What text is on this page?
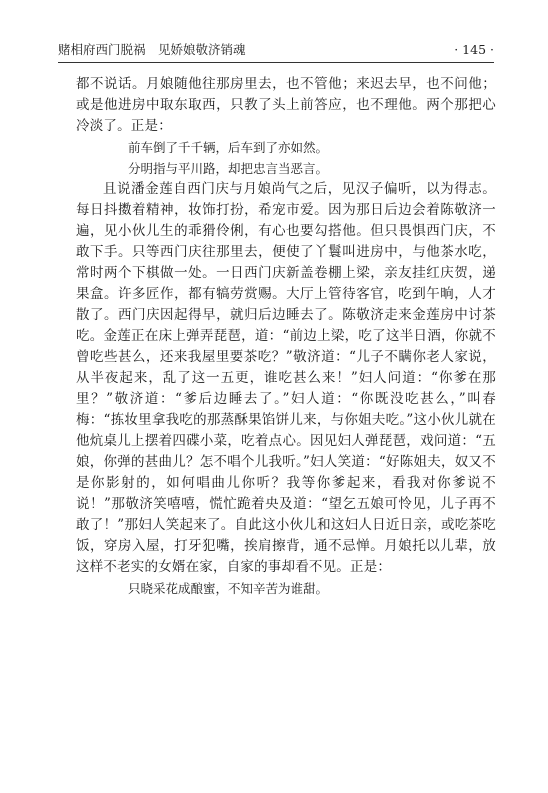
赌相府西门脱祸　见娇娘敬济销魂	· 145 ·

都不说话。月娘随他往那房里去，也不管他；来迟去早，也不问他；或是他进房中取东取西，只教了头上前答应，也不理他。两个那把心冷淡了。正是：

前车倒了千千辆，后车到了亦如然。

分明指与平川路，却把忠言当恶言。

且说潘金莲自西门庆与月娘尚气之后，见汉子偏听，以为得志。每日抖擞着精神，妆饰打扮，希宠市爱。因为那日后边会着陈敬济一遍，见小伙儿生的乖猾伶俐，有心也要勾搭他。但只畏惧西门庆，不敢下手。只等西门庆往那里去，便使了丫鬟叫进房中，与他茶水吃，常时两个下棋做一处。一日西门庆新盖卷棚上梁，亲友挂红庆贺，递果盒。许多匠作，都有犒劳赏赐。大厅上管待客官，吃到午晌，人才散了。西门庆因起得早，就归后边睡去了。陈敬济走来金莲房中讨茶吃。金莲正在床上弹弄琵琶，道：“前边上梁，吃了这半日酒，你就不曾吃些甚么，还来我屋里要茶吃？”敬济道：“儿子不瞒你老人家说，从半夜起来，乱了这一五更，谁吃甚么来！”妇人问道：“你爹在那里？”敬济道：“爹后边睡去了。”妇人道：“你既没吃甚么，”叫春梅：“拣妆里拿我吃的那蒸酥果馅饼儿来，与你姐夫吃。”这小伙儿就在他炕桌儿上摆着四碟小菜，吃着点心。因见妇人弹琵琶，戏问道：“五娘，你弹的甚曲儿？怎不唱个儿我听。”妇人笑道：“好陈姐夫，奴又不是你影射的，如何唱曲儿你听？我等你爹起来，看我对你爹说不说！”那敬济笑嘻嘻，慌忙跪着央及道：“望乞五娘可怜见，儿子再不敢了！”那妇人笑起来了。自此这小伙儿和这妇人日近日亲，或吃茶吃饭，穿房入屋，打牙犯嘴，挨肩擦背，通不忌惮。月娘托以儿辈，放这样不老实的女婿在家，自家的事却看不见。正是：

只晓采花成酿蜜，不知辛苦为谁甜。
